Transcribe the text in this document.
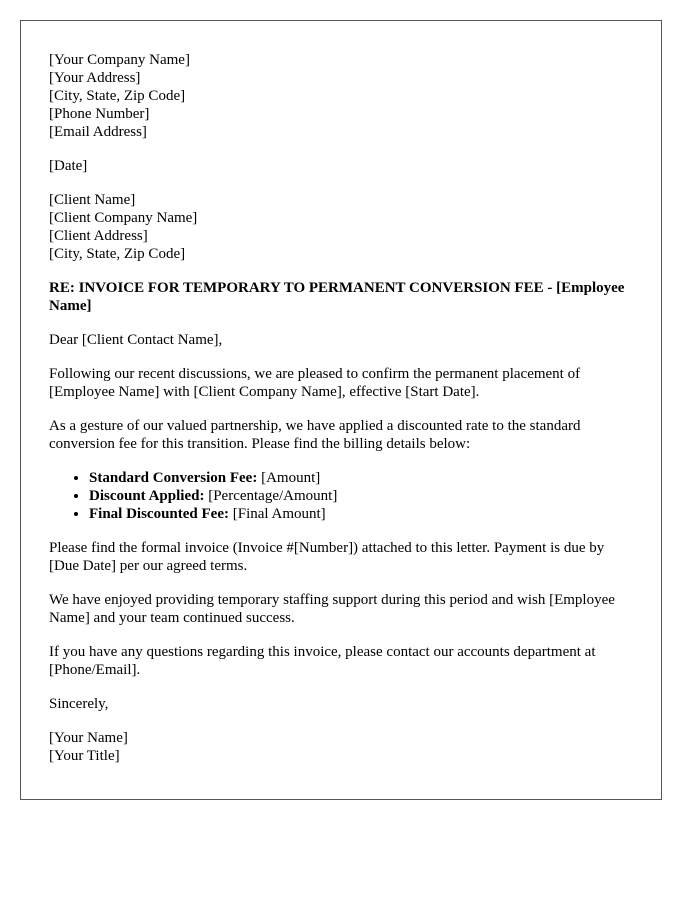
[Your Company Name]
[Your Address]
[City, State, Zip Code]
[Phone Number]
[Email Address]
[Date]
[Client Name]
[Client Company Name]
[Client Address]
[City, State, Zip Code]
RE: INVOICE FOR TEMPORARY TO PERMANENT CONVERSION FEE - [Employee Name]

Dear [Client Contact Name],

Following our recent discussions, we are pleased to confirm the permanent placement of [Employee Name] with [Client Company Name], effective [Start Date].

As a gesture of our valued partnership, we have applied a discounted rate to the standard conversion fee for this transition. Please find the billing details below:

• Standard Conversion Fee: [Amount]
• Discount Applied: [Percentage/Amount]
• Final Discounted Fee: [Final Amount]

Please find the formal invoice (Invoice #[Number]) attached to this letter. Payment is due by [Due Date] per our agreed terms.

We have enjoyed providing temporary staffing support during this period and wish [Employee Name] and your team continued success.

If you have any questions regarding this invoice, please contact our accounts department at [Phone/Email].

Sincerely,

[Your Name]
[Your Title]
